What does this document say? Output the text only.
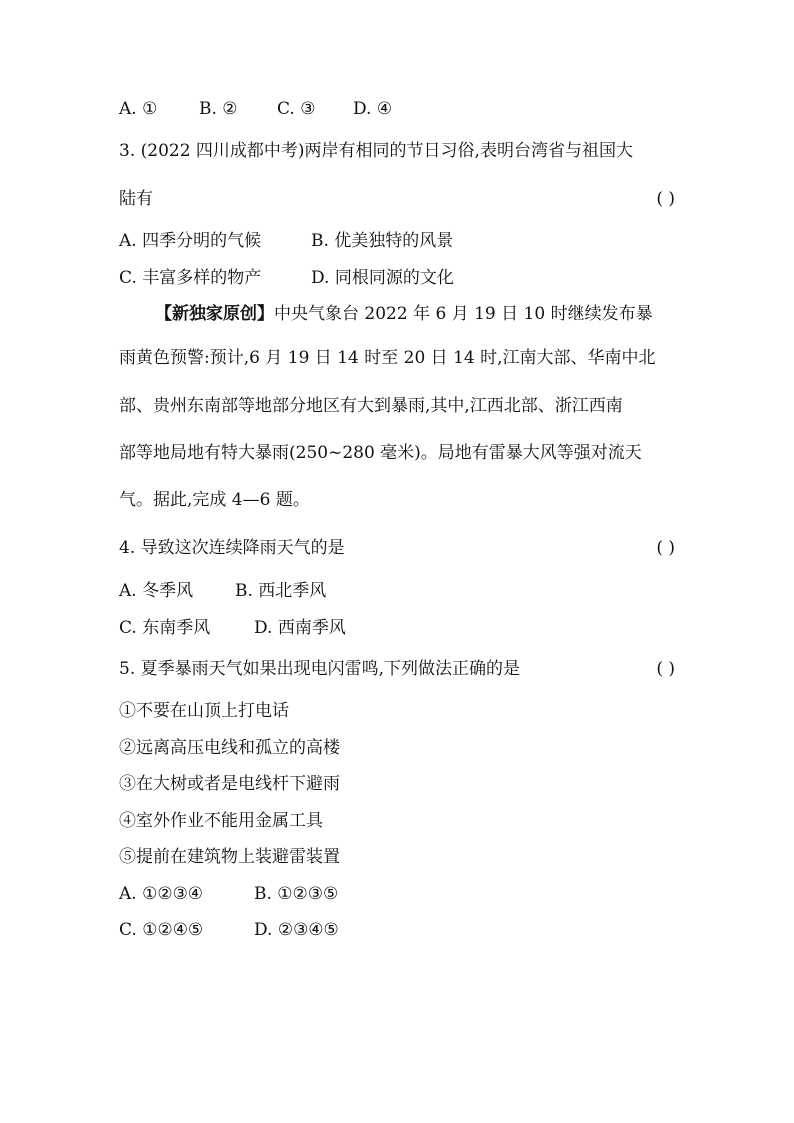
A. ① B. ② C. ③ D. ④
3. (2022 四川成都中考)两岸有相同的节日习俗,表明台湾省与祖国大
陆有	( )
A. 四季分明的气候	B. 优美独特的风景
C. 丰富多样的物产	D. 同根同源的文化
【新独家原创】中央气象台 2022 年 6 月 19 日 10 时继续发布暴
雨黄色预警:预计,6 月 19 日 14 时至 20 日 14 时,江南大部、华南中北
部、贵州东南部等地部分地区有大到暴雨,其中,江西北部、浙江西南
部等地局地有特大暴雨(250~280 毫米)。局地有雷暴大风等强对流天
气。据此,完成 4—6 题。
4. 导致这次连续降雨天气的是	( )
A. 冬季风 B. 西北季风
C. 东南季风	D. 西南季风
5. 夏季暴雨天气如果出现电闪雷鸣,下列做法正确的是	( )
①不要在山顶上打电话
②远离高压电线和孤立的高楼
③在大树或者是电线杆下避雨
④室外作业不能用金属工具
⑤提前在建筑物上装避雷装置
A. ①②③④	B. ①②③⑤
C. ①②④⑤	D. ②③④⑤
